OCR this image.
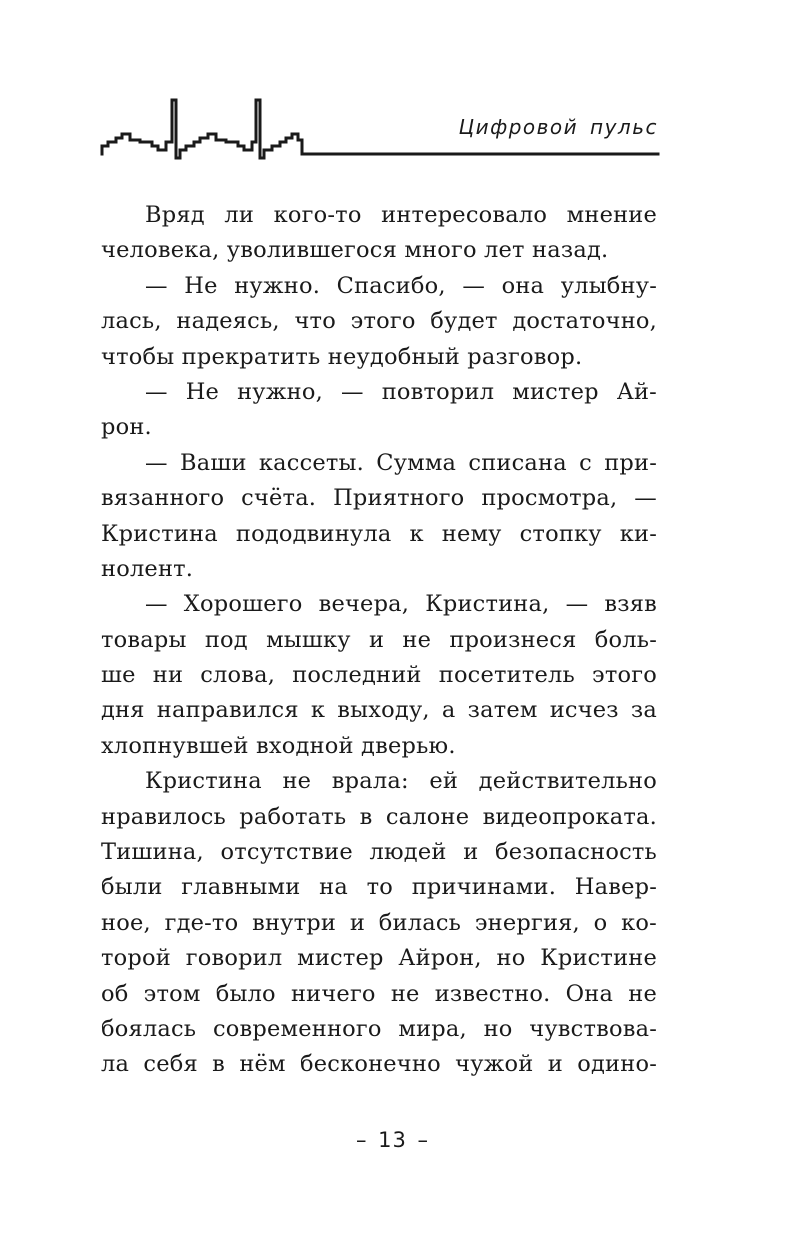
Цифровой пульс
Вряд ли кого-то интересовало мнение
человека, уволившегося много лет назад.
— Не нужно. Спасибо, — она улыбну-
лась, надеясь, что этого будет достаточно,
чтобы прекратить неудобный разговор.
— Не нужно, — повторил мистер Ай-
рон.
— Ваши кассеты. Сумма списана с при-
вязанного счёта. Приятного просмотра, —
Кристина пододвинула к нему стопку ки-
нолент.
— Хорошего вечера, Кристина, — взяв
товары под мышку и не произнеся боль-
ше ни слова, последний посетитель этого
дня направился к выходу, а затем исчез за
хлопнувшей входной дверью.
Кристина не врала: ей действительно
нравилось работать в салоне видеопроката.
Тишина, отсутствие людей и безопасность
были главными на то причинами. Навер-
ное, где-то внутри и билась энергия, о ко-
торой говорил мистер Айрон, но Кристине
об этом было ничего не известно. Она не
боялась современного мира, но чувствова-
ла себя в нём бесконечно чужой и одино-
– 13 –
